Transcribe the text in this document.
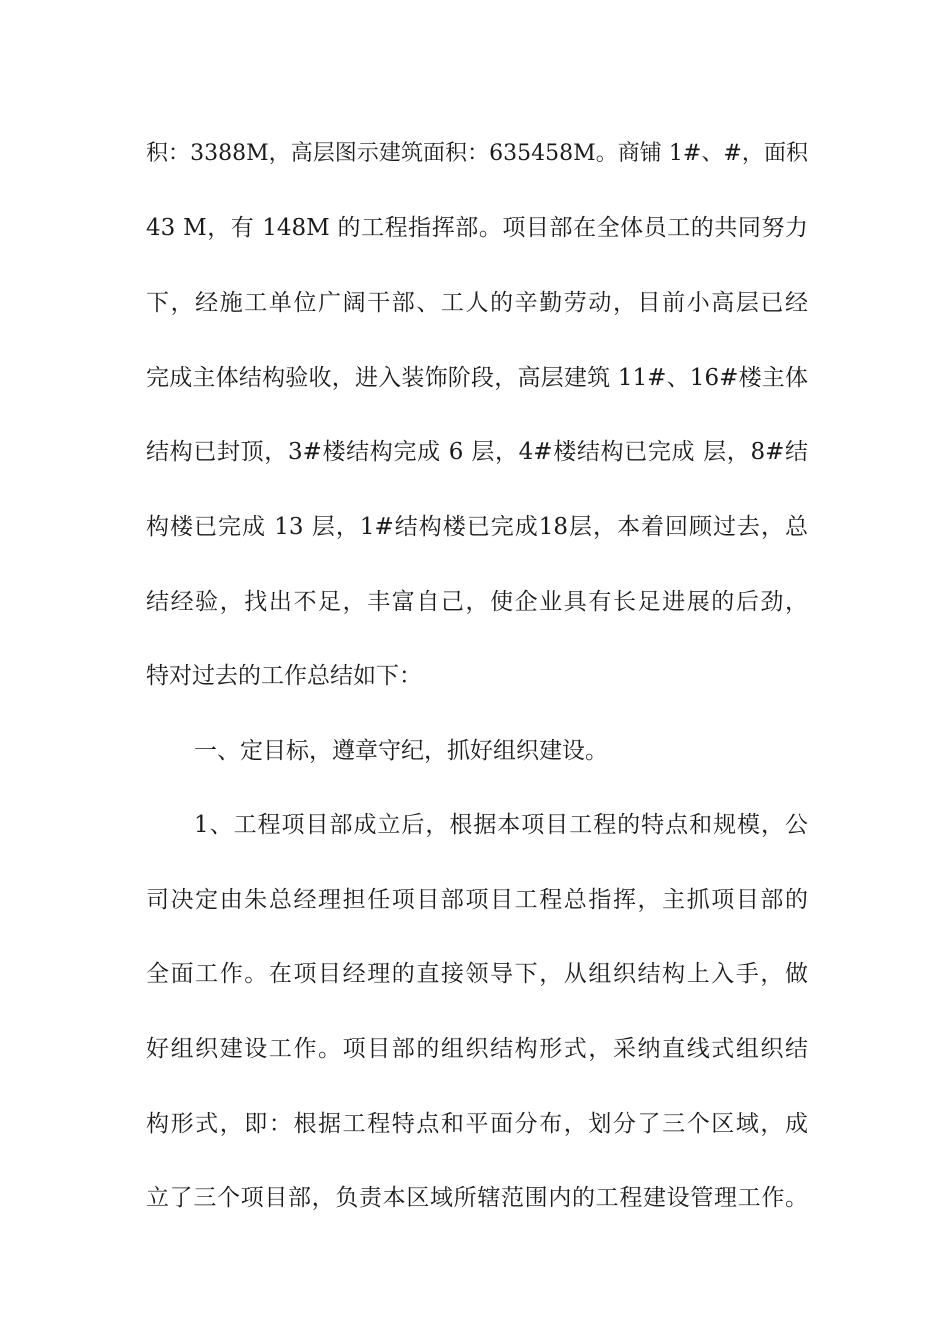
积：3388M，高层图示建筑面积：635458M。商铺 1#、#，面积
43 M，有 148M 的工程指挥部。项目部在全体员工的共同努力
下，经施工单位广阔干部、工人的辛勤劳动，目前小高层已经
完成主体结构验收，进入装饰阶段，高层建筑 11#、16#楼主体
结构已封顶，3#楼结构完成 6 层，4#楼结构已完成 层，8#结
构楼已完成 13 层，1#结构楼已完成18层，本着回顾过去，总
结经验，找出不足，丰富自己，使企业具有长足进展的后劲，
特对过去的工作总结如下：
一、定目标，遵章守纪，抓好组织建设。
1、工程项目部成立后，根据本项目工程的特点和规模，公
司决定由朱总经理担任项目部项目工程总指挥，主抓项目部的
全面工作。在项目经理的直接领导下，从组织结构上入手，做
好组织建设工作。项目部的组织结构形式，采纳直线式组织结
构形式，即：根据工程特点和平面分布，划分了三个区域，成
立了三个项目部，负责本区域所辖范围内的工程建设管理工作。
